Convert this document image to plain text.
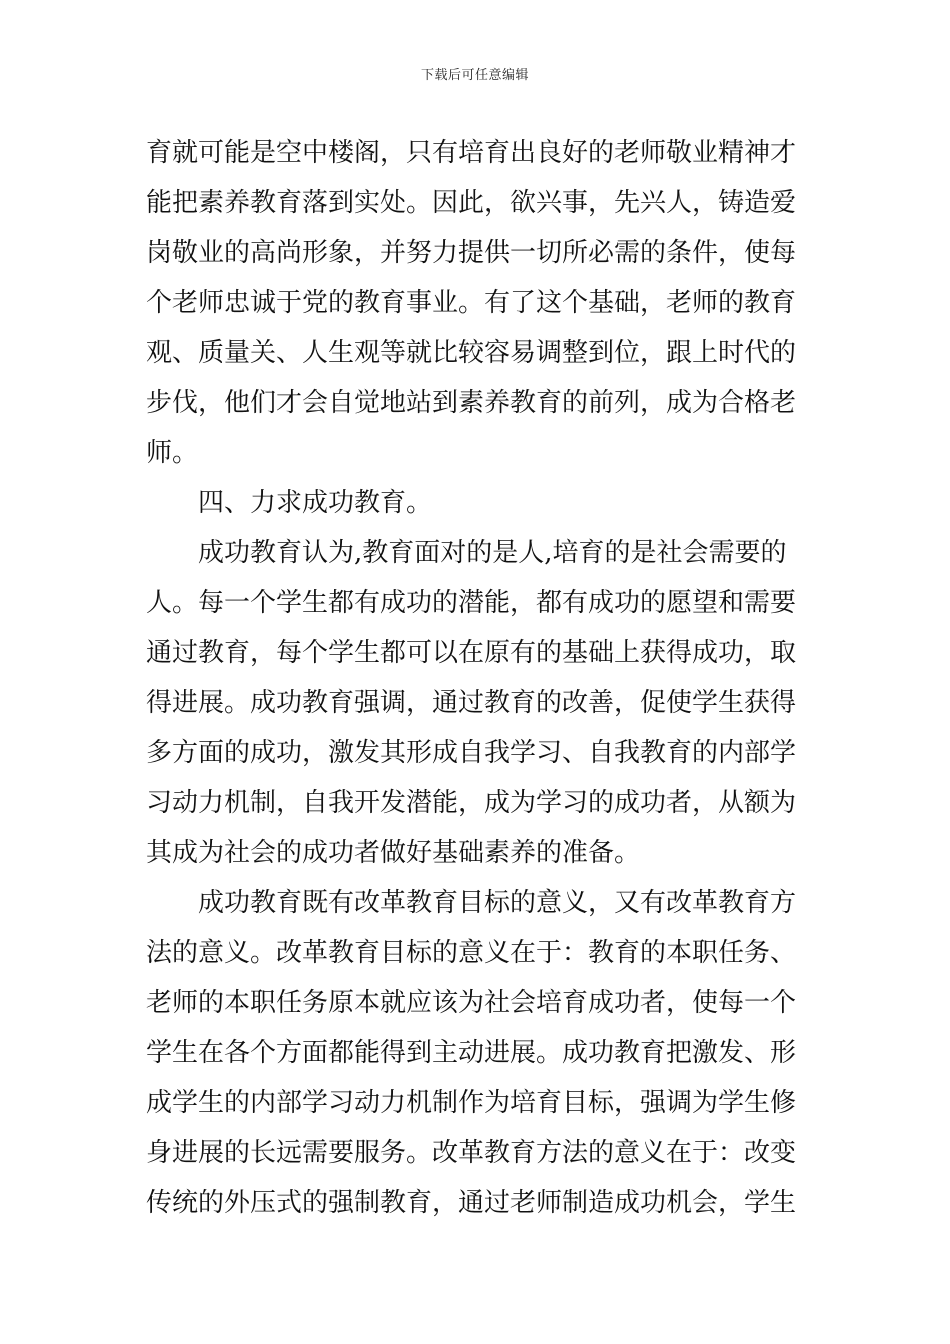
下载后可任意编辑
育就可能是空中楼阁，只有培育出良好的老师敬业精神才
能把素养教育落到实处。因此，欲兴事，先兴人，铸造爱
岗敬业的高尚形象，并努力提供一切所必需的条件，使每
个老师忠诚于党的教育事业。有了这个基础，老师的教育
观、质量关、人生观等就比较容易调整到位，跟上时代的
步伐，他们才会自觉地站到素养教育的前列，成为合格老
师。
四、力求成功教育。
成功教育认为,教育面对的是人,培育的是社会需要的
人。每一个学生都有成功的潜能，都有成功的愿望和需要
通过教育，每个学生都可以在原有的基础上获得成功，取
得进展。成功教育强调，通过教育的改善，促使学生获得
多方面的成功，激发其形成自我学习、自我教育的内部学
习动力机制，自我开发潜能，成为学习的成功者，从额为
其成为社会的成功者做好基础素养的准备。
成功教育既有改革教育目标的意义，又有改革教育方
法的意义。改革教育目标的意义在于：教育的本职任务、
老师的本职任务原本就应该为社会培育成功者，使每一个
学生在各个方面都能得到主动进展。成功教育把激发、形
成学生的内部学习动力机制作为培育目标，强调为学生修
身进展的长远需要服务。改革教育方法的意义在于：改变
传统的外压式的强制教育，通过老师制造成功机会，学生
